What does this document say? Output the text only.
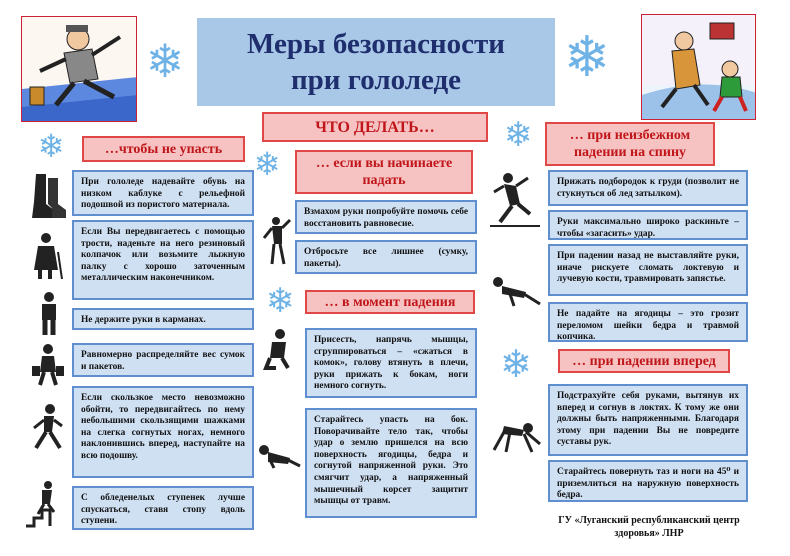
❄	❄
❄	❄
❄
❄
❄
Меры безопасности
при гололеде
ЧТО ДЕЛАТЬ…
…чтобы не упасть
При гололеде надевайте обувь на низком каблуке с рельефной подошвой из пористого материала.
Если Вы передвигаетесь с помощью трости, наденьте на него резиновый колпачок или возьмите лыжную палку с хорошо заточенным металлическим наконечником.
Не держите руки в карманах.
Равномерно распределяйте вес сумок и пакетов.
Если скользкое место невозможно обойти, то передвигайтесь по нему небольшими скользящими шажками на слегка согнутых ногах, немного наклонившись вперед, наступайте на всю подошву.
С обледенелых ступенек лучше спускаться, ставя стопу вдоль ступени.
… если вы начинаете падать
Взмахом руки попробуйте помочь себе восстановить равновесие.
Отбросьте все лишнее (сумку, пакеты).
… в момент падения
Присесть, напрячь мышцы, сгруппироваться – «сжаться в комок», голову втянуть в плечи, руки прижать к бокам, ноги немного согнуть.
Старайтесь упасть на бок. Поворачивайте тело так, чтобы удар о землю пришелся на всю поверхность ягодицы, бедра и согнутой напряженной руки. Это смягчит удар, а напряженный мышечный корсет защитит мышцы от травм.
… при неизбежном падении на спину
Прижать подбородок к груди (позволит не стукнуться об лед затылком).
Руки максимально широко раскиньте – чтобы «загасить» удар.
При падении назад не выставляйте руки, иначе рискуете сломать локтевую и лучевую кости, травмировать запястье.
Не падайте на ягодицы – это грозит переломом шейки бедра и травмой копчика.
… при падении вперед
Подстрахуйте себя руками, вытянув их вперед и согнув в локтях. К тому же они должны быть напряженными. Благодаря этому при падении Вы не повредите суставы рук.
Старайтесь повернуть таз и ноги на 45⁰ и приземлиться на наружную поверхность бедра.
ГУ «Луганский республиканский центр
здоровья» ЛНР
